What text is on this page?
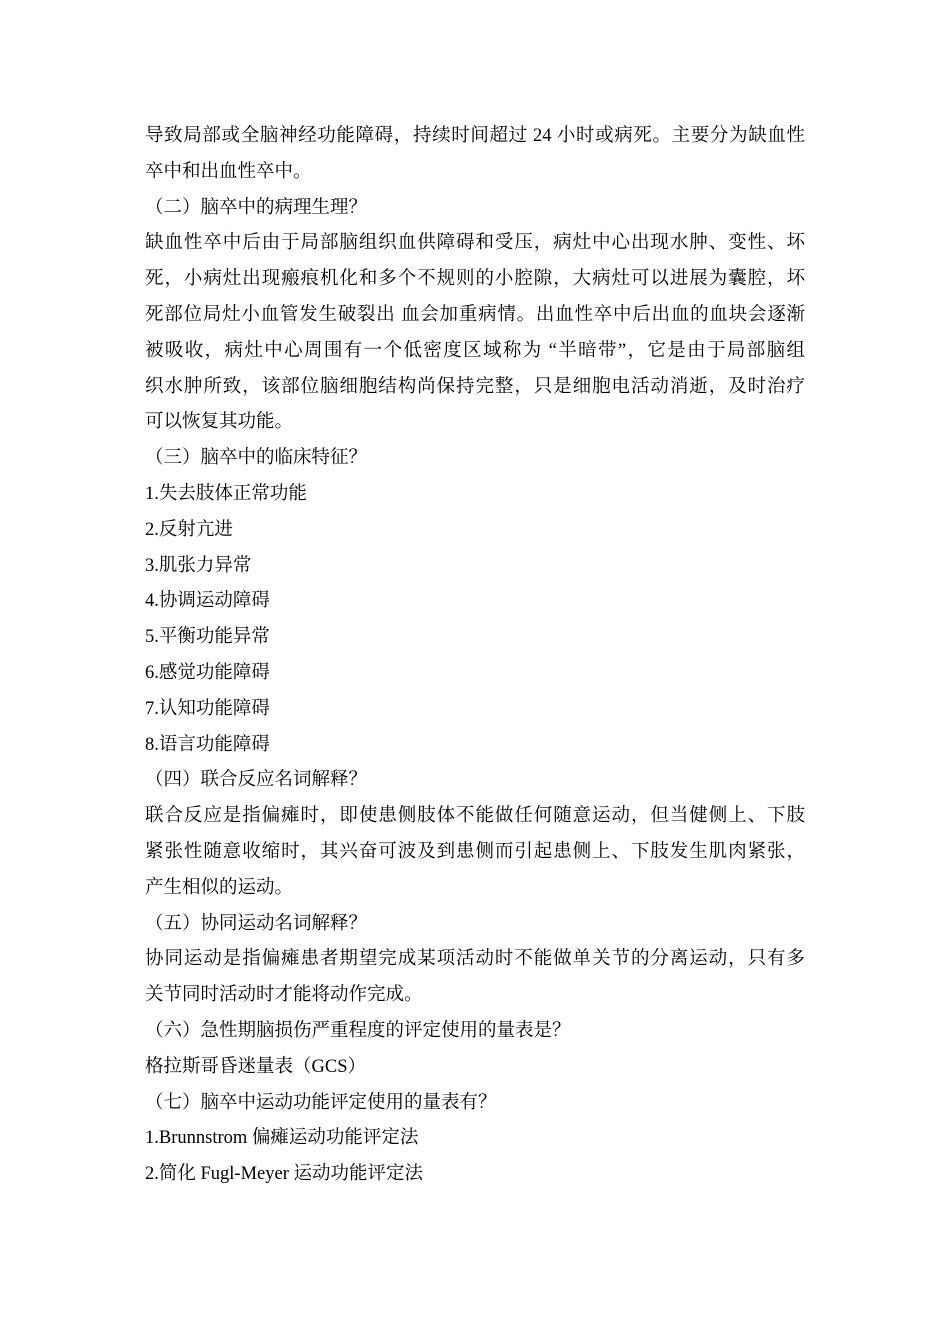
导致局部或全脑神经功能障碍，持续时间超过 24 小时或病死。主要分为缺血性
卒中和出血性卒中。
（二）脑卒中的病理生理？
缺血性卒中后由于局部脑组织血供障碍和受压，病灶中心出现水肿、变性、坏
死，小病灶出现瘢痕机化和多个不规则的小腔隙，大病灶可以进展为囊腔，坏
死部位局灶小血管发生破裂出 血会加重病情。出血性卒中后出血的血块会逐渐
被吸收，病灶中心周围有一个低密度区域称为 “半暗带”，它是由于局部脑组
织水肿所致，该部位脑细胞结构尚保持完整，只是细胞电活动消逝，及时治疗
可以恢复其功能。
（三）脑卒中的临床特征？
1.失去肢体正常功能
2.反射亢进
3.肌张力异常
4.协调运动障碍
5.平衡功能异常
6.感觉功能障碍
7.认知功能障碍
8.语言功能障碍
（四）联合反应名词解释？
联合反应是指偏瘫时，即使患侧肢体不能做任何随意运动，但当健侧上、下肢
紧张性随意收缩时，其兴奋可波及到患侧而引起患侧上、下肢发生肌肉紧张，
产生相似的运动。
（五）协同运动名词解释？
协同运动是指偏瘫患者期望完成某项活动时不能做单关节的分离运动，只有多
关节同时活动时才能将动作完成。
（六）急性期脑损伤严重程度的评定使用的量表是？
格拉斯哥昏迷量表（GCS）
（七）脑卒中运动功能评定使用的量表有？
1.Brunnstrom 偏瘫运动功能评定法
2.简化 Fugl-Meyer 运动功能评定法
